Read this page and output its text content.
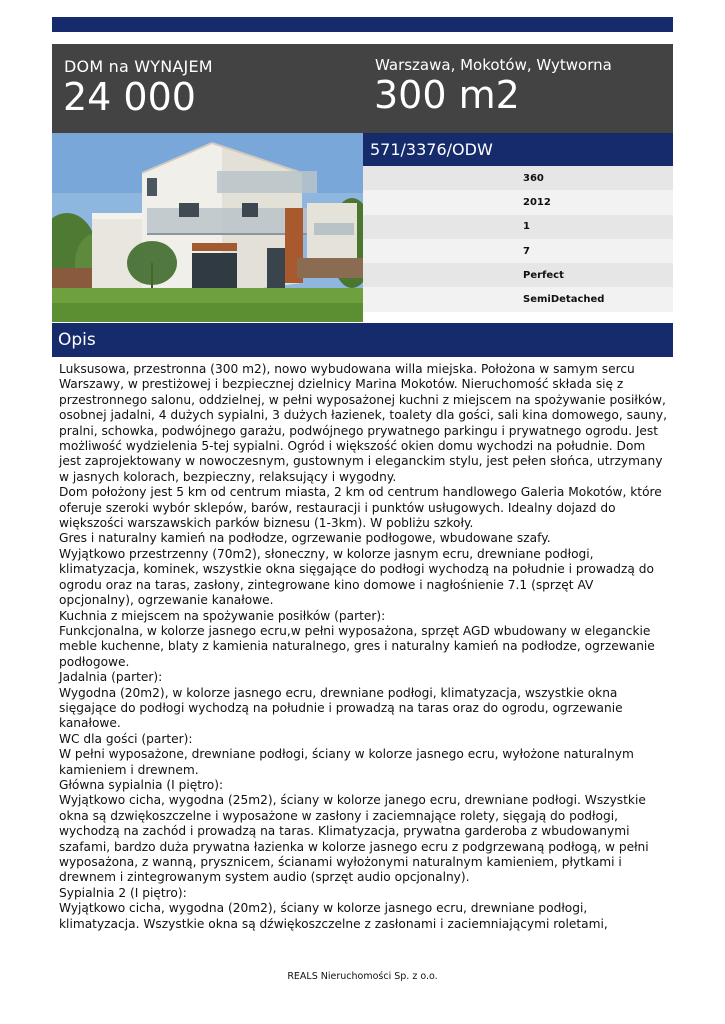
DOM na WYNAJEM
24 000
Warszawa, Mokotów, Wytworna
300 m2
571/3376/ODW
360
2012
1
7
Perfect
SemiDetached
Opis

Luksusowa, przestronna (300 m2), nowo wybudowana willa miejska. Położona w samym sercu

Warszawy, w prestiżowej i bezpiecznej dzielnicy Marina Mokotów. Nieruchomość składa się z

przestronnego salonu, oddzielnej, w pełni wyposażonej kuchni z miejscem na spożywanie posiłków,

osobnej jadalni, 4 dużych sypialni, 3 dużych łazienek, toalety dla gości, sali kina domowego, sauny,

pralni, schowka, podwójnego garażu, podwójnego prywatnego parkingu i prywatnego ogrodu. Jest

możliwość wydzielenia 5-tej sypialni. Ogród i większość okien domu wychodzi na południe. Dom

jest zaprojektowany w nowoczesnym, gustownym i eleganckim stylu, jest pełen słońca, utrzymany

w jasnych kolorach, bezpieczny, relaksujący i wygodny.

Dom położony jest 5 km od centrum miasta, 2 km od centrum handlowego Galeria Mokotów, które

oferuje szeroki wybór sklepów, barów, restauracji i punktów usługowych. Idealny dojazd do

większości warszawskich parków biznesu (1-3km). W pobliżu szkoły.

Gres i naturalny kamień na podłodze, ogrzewanie podłogowe, wbudowane szafy.

Wyjątkowo przestrzenny (70m2), słoneczny, w kolorze jasnym ecru, drewniane podłogi,

klimatyzacja, kominek, wszystkie okna sięgające do podłogi wychodzą na południe i prowadzą do

ogrodu oraz na taras, zasłony, zintegrowane kino domowe i nagłośnienie 7.1 (sprzęt AV

opcjonalny), ogrzewanie kanałowe.

Kuchnia z miejscem na spożywanie posiłków (parter):

Funkcjonalna, w kolorze jasnego ecru,w pełni wyposażona, sprzęt AGD wbudowany w eleganckie

meble kuchenne, blaty z kamienia naturalnego, gres i naturalny kamień na podłodze, ogrzewanie

podłogowe.

Jadalnia (parter):

Wygodna (20m2), w kolorze jasnego ecru, drewniane podłogi, klimatyzacja, wszystkie okna

sięgające do podłogi wychodzą na południe i prowadzą na taras oraz do ogrodu, ogrzewanie

kanałowe.

WC dla gości (parter):

W pełni wyposażone, drewniane podłogi, ściany w kolorze jasnego ecru, wyłożone naturalnym

kamieniem i drewnem.

Główna sypialnia (I piętro):

Wyjątkowo cicha, wygodna (25m2), ściany w kolorze janego ecru, drewniane podłogi. Wszystkie

okna są dzwiękoszczelne i wyposażone w zasłony i zaciemnające rolety, sięgają do podłogi,

wychodzą na zachód i prowadzą na taras. Klimatyzacja, prywatna garderoba z wbudowanymi

szafami, bardzo duża prywatna łazienka w kolorze jasnego ecru z podgrzewaną podłogą, w pełni

wyposażona, z wanną, prysznicem, ścianami wyłożonymi naturalnym kamieniem, płytkami i

drewnem i zintegrowanym system audio (sprzęt audio opcjonalny).

Sypialnia 2 (I piętro):

Wyjątkowo cicha, wygodna (20m2), ściany w kolorze jasnego ecru, drewniane podłogi,

klimatyzacja. Wszystkie okna są dźwiękoszczelne z zasłonami i zaciemniającymi roletami,

REALS Nieruchomości Sp. z o.o.
